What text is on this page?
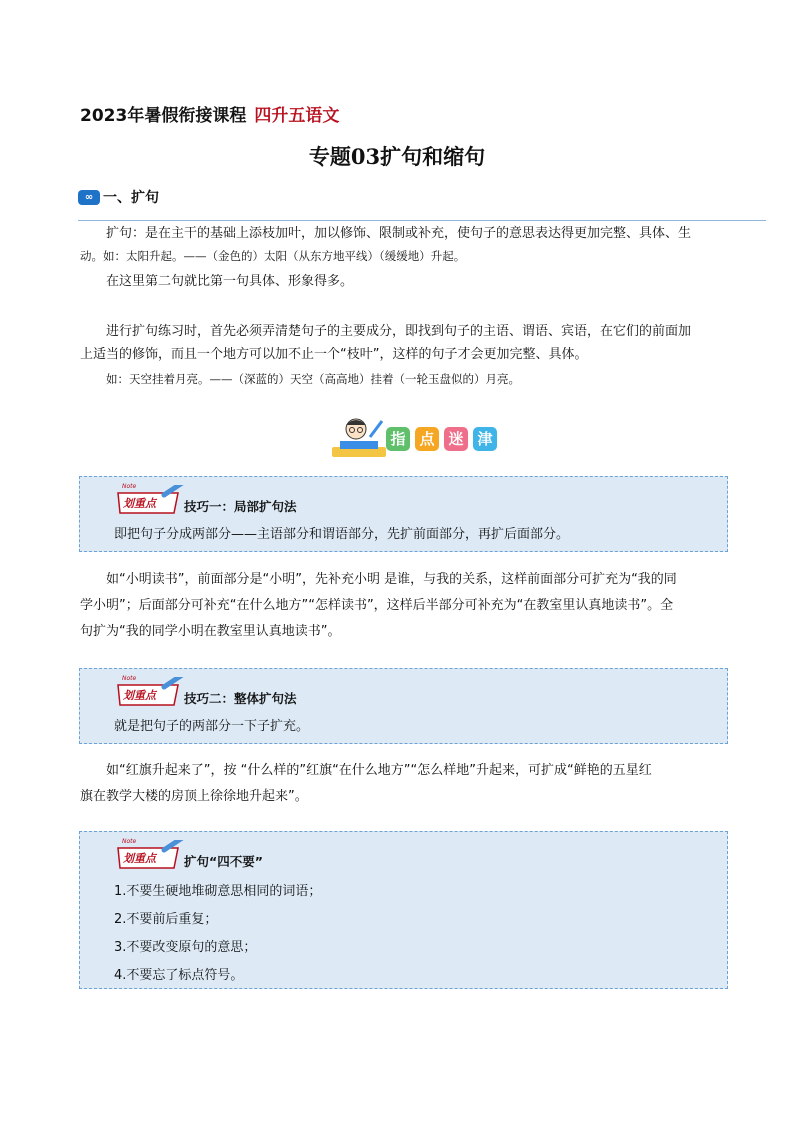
2023年暑假衔接课程 四升五语文
专题03扩句和缩句
∞ 一、扩句

扩句：是在主干的基础上添枝加叶，加以修饰、限制或补充，使句子的意思表达得更加完整、具体、生

动。如：太阳升起。——（金色的）太阳（从东方地平线）（缓缓地）升起。

在这里第二句就比第一句具体、形象得多。

进行扩句练习时，首先必须弄清楚句子的主要成分，即找到句子的主语、谓语、宾语，在它们的前面加

上适当的修饰，而且一个地方可以加不止一个“枝叶”，这样的句子才会更加完整、具体。

如：天空挂着月亮。——（深蓝的）天空（高高地）挂着（一轮玉盘似的）月亮。

指 点 迷 津
划重点
Note
技巧一：局部扩句法
即把句子分成两部分——主语部分和谓语部分，先扩前面部分，再扩后面部分。

如“小明读书”，前面部分是“小明”，先补充小明 是谁，与我的关系，这样前面部分可扩充为“我的同

学小明”；后面部分可补充“在什么地方”“怎样读书”，这样后半部分可补充为“在教室里认真地读书”。全

句扩为“我的同学小明在教室里认真地读书”。

划重点
Note
技巧二：整体扩句法
就是把句子的两部分一下子扩充。

如“红旗升起来了”，按 “什么样的”红旗“在什么地方”“怎么样地”升起来，可扩成“鲜艳的五星红

旗在教学大楼的房顶上徐徐地升起来”。

划重点
Note
扩句“四不要”
1.不要生硬地堆砌意思相同的词语；
2.不要前后重复；
3.不要改变原句的意思；
4.不要忘了标点符号。
